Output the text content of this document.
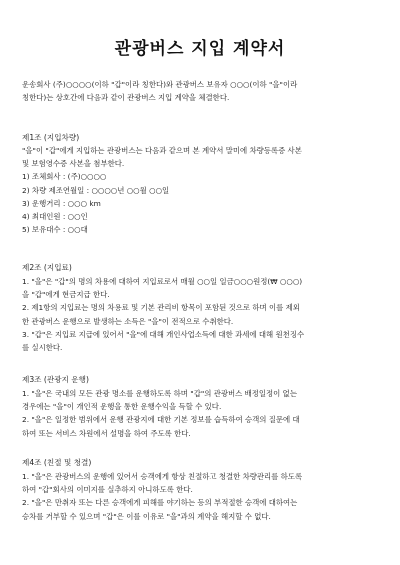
관광버스 지입 계약서
운송회사 (주)○○○○(이하 "갑"이라 칭한다)와 관광버스 보유자 ○○○(이하 "을"이라
칭한다)는 상호간에 다음과 같이 관광버스 지입 계약을 체결한다.
제1조 (지입차량)
"을"이 "갑"에게 지입하는 관광버스는 다음과 같으며 본 계약서 말미에 차량등록증 사본
및 보험영수증 사본을 첨부한다.
1) 조체회사 : (주)○○○○
2) 차량 제조연월일 : ○○○○년 ○○월 ○○일
3) 운행거리 : ○○○ km
4) 최대인원 : ○○인
5) 보유대수 : ○○대
제2조 (지입료)
1. "을"은 "갑"의 명의 차용에 대하여 지입료로서 매월 ○○일 일금○○○원정(₩ ○○○)
을 "갑"에게 현금지급 한다.
2. 제1항의 지입료는 명의 차용료 및 기본 관리비 항목이 포함된 것으로 하며 이를 제외
한 관광버스 운행으로 발생하는 소득은 "을"이 전적으로 수취한다.
3. "갑"은 지입료 지급에 있어서 "을"에 대해 개인사업소득에 대한 과세에 대해 원천징수
를 실시한다.
제3조 (관광지 운행)
1. "을"은 국내의 모든 관광 명소를 운행하도록 하며 "갑"의 관광버스 배정일정이 없는
경우에는 "을"이 개인적 운행을 통한 운행수익을 득할 수 있다.
2. "을"은 일정한 범위에서 운행 관광지에 대한 기본 정보를 습득하여 승객의 질문에 대
하여 또는 서비스 차원에서 설명을 하여 주도록 한다.
제4조 (친절 및 청결)
1. "을"은 관광버스의 운행에 있어서 승객에게 항상 친절하고 청결한 차량관리를 하도록
하여 "갑"회사의 이미지를 실추하지 아니하도록 한다.
2. "을"은 만취자 또는 다른 승객에게 피해를 야기하는 등의 부적절한 승객에 대하여는
승차를 거부할 수 있으며 "갑"은 이를 이유로 "을"과의 계약을 해지할 수 없다.
